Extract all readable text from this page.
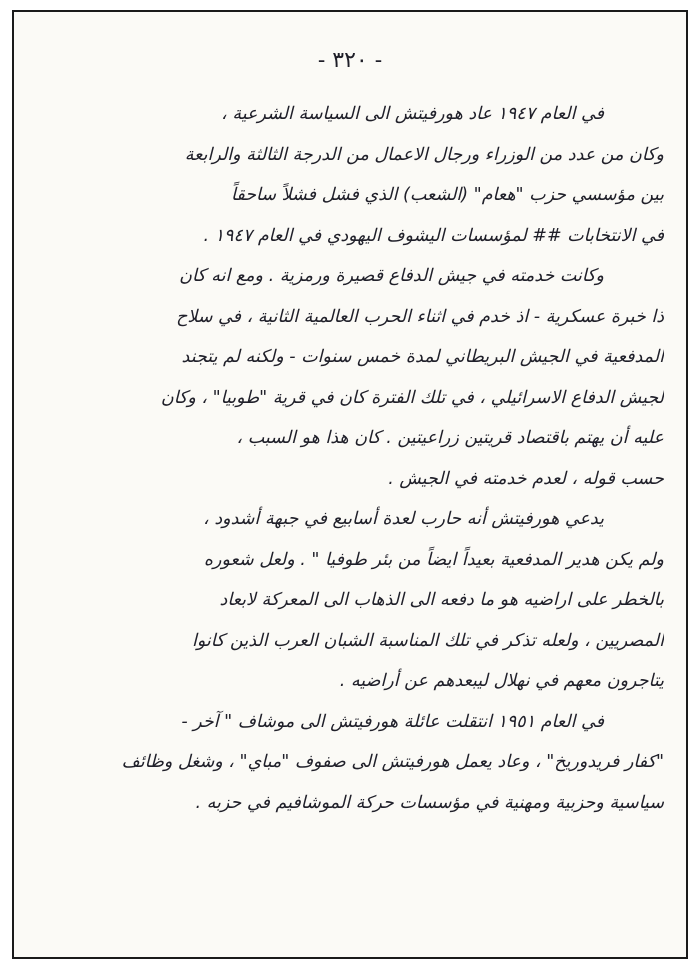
- ٣٢٠ -
في العام ١٩٤٧ عاد هورفيتش الى السياسة الشرعية ،
وكان من عدد من الوزراء ورجال الاعمال من الدرجة الثالثة والرابعة
بين مؤسسي حزب "هعام" (الشعب) الذي فشل فشلاً ساحقاً
في الانتخابات ## لمؤسسات اليشوف اليهودي في العام ١٩٤٧ .
وكانت خدمته في جيش الدفاع قصيرة ورمزية . ومع انه كان
ذا خبرة عسكرية - اذ خدم في اثناء الحرب العالمية الثانية ، في سلاح
المدفعية في الجيش البريطاني لمدة خمس سنوات - ولكنه لم يتجند
لجيش الدفاع الاسرائيلي ، في تلك الفترة كان في قرية "طوبيا" ، وكان
عليه أن يهتم باقتصاد قريتين زراعيتين . كان هذا هو السبب ،
حسب قوله ، لعدم خدمته في الجيش .
يدعي هورفيتش أنه حارب لعدة أسابيع في جبهة أشدود ،
ولم يكن هدير المدفعية بعيداً ايضاً من بئر طوفيا " . ولعل شعوره
بالخطر على اراضيه هو ما دفعه الى الذهاب الى المعركة لابعاد
المصريين ، ولعله تذكر في تلك المناسبة الشبان العرب الذين كانوا
يتاجرون معهم في نهلال ليبعدهم عن أراضيه .
في العام ١٩٥١ انتقلت عائلة هورفيتش الى موشاف " آخر -
"كفار فريدوريخ" ، وعاد يعمل هورفيتش الى صفوف "مباي" ، وشغل وظائف
سياسية وحزبية ومهنية في مؤسسات حركة الموشافيم في حزبه .
